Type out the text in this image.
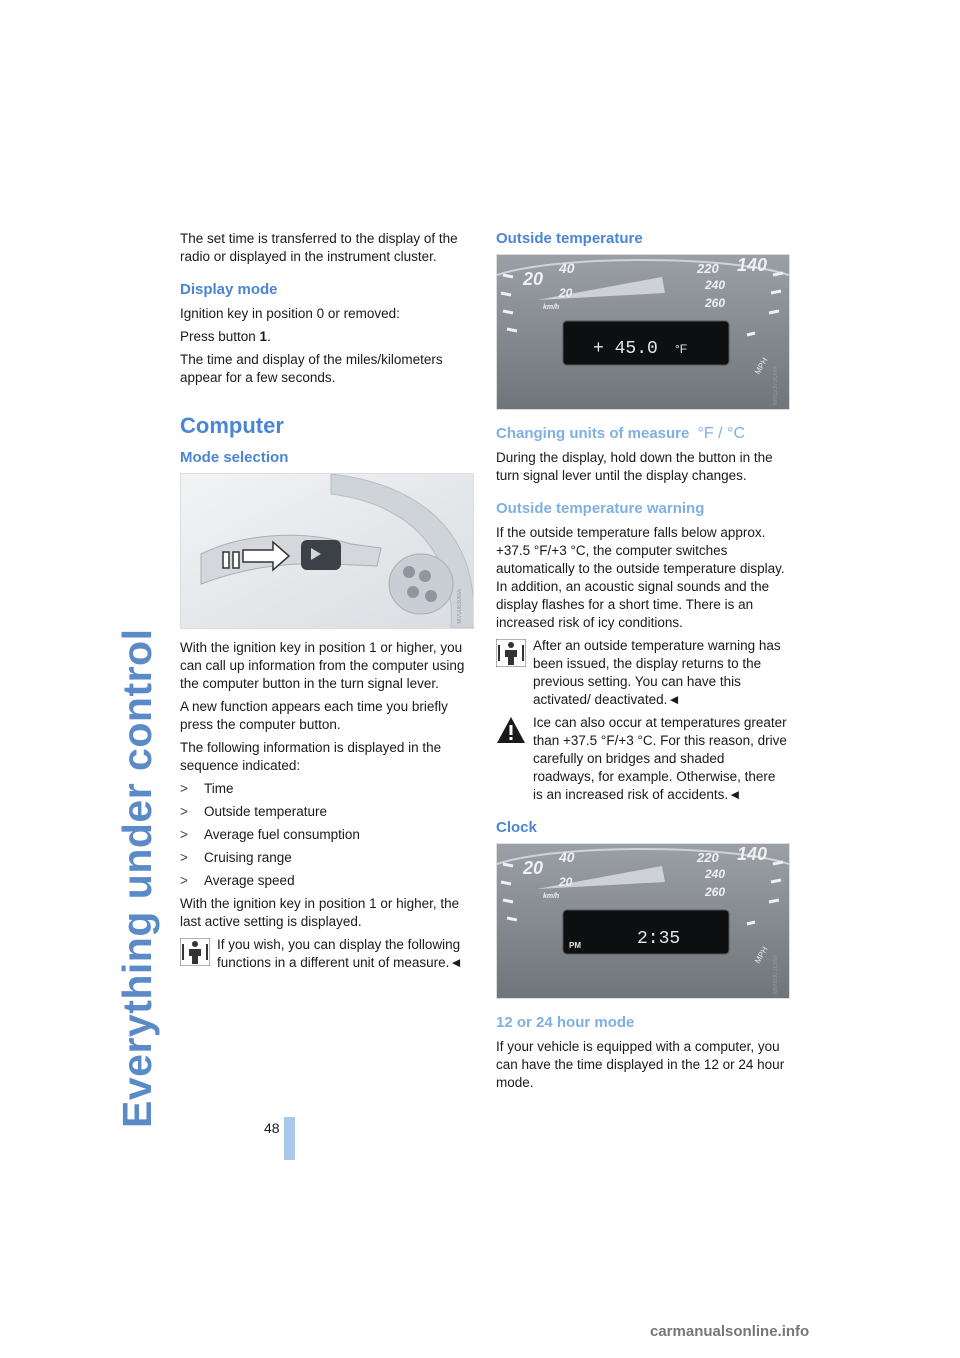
Everything under control	48

The set time is transferred to the display of the radio or displayed in the instrument cluster.

Display mode

Ignition key in position 0 or removed:

Press button 1.

The time and display of the miles/kilometers appear for a few seconds.

Computer
Mode selection
MV00630MA

With the ignition key in position 1 or higher, you can call up information from the computer using the computer button in the turn signal lever.

A new function appears each time you briefly press the computer button.

The following information is displayed in the sequence indicated:

>	Time
>	Outside temperature
>	Average fuel consumption
>	Cruising range
>	Average speed

With the ignition key in position 1 or higher, the last active setting is displayed.

If you wish, you can display the following functions in a different unit of measure.◄
Outside temperature
20
40
20
km/h
220 140
240
260
+ 45.0 °F
MPH MV02373CMA
Changing units of measure °F / °C

During the display, hold down the button in the turn signal lever until the display changes.

Outside temperature warning

If the outside temperature falls below approx. +37.5 °F/+3 °C, the computer switches automatically to the outside temperature display. In addition, an acoustic signal sounds and the display flashes for a short time. There is an increased risk of icy conditions.

After an outside temperature warning has been issued, the display returns to the previous setting. You can have this activated/ deactivated.◄
Ice can also occur at temperatures greater than +37.5 °F/+3 °C. For this reason, drive carefully on bridges and shaded roadways, for example. Otherwise, there is an increased risk of accidents.◄
Clock
20
40
20
km/h
220 140
240
260
PM	2:35
MPH MV02371CMA
12 or 24 hour mode

If your vehicle is equipped with a computer, you can have the time displayed in the 12 or 24 hour mode.

carmanualsonline.info
